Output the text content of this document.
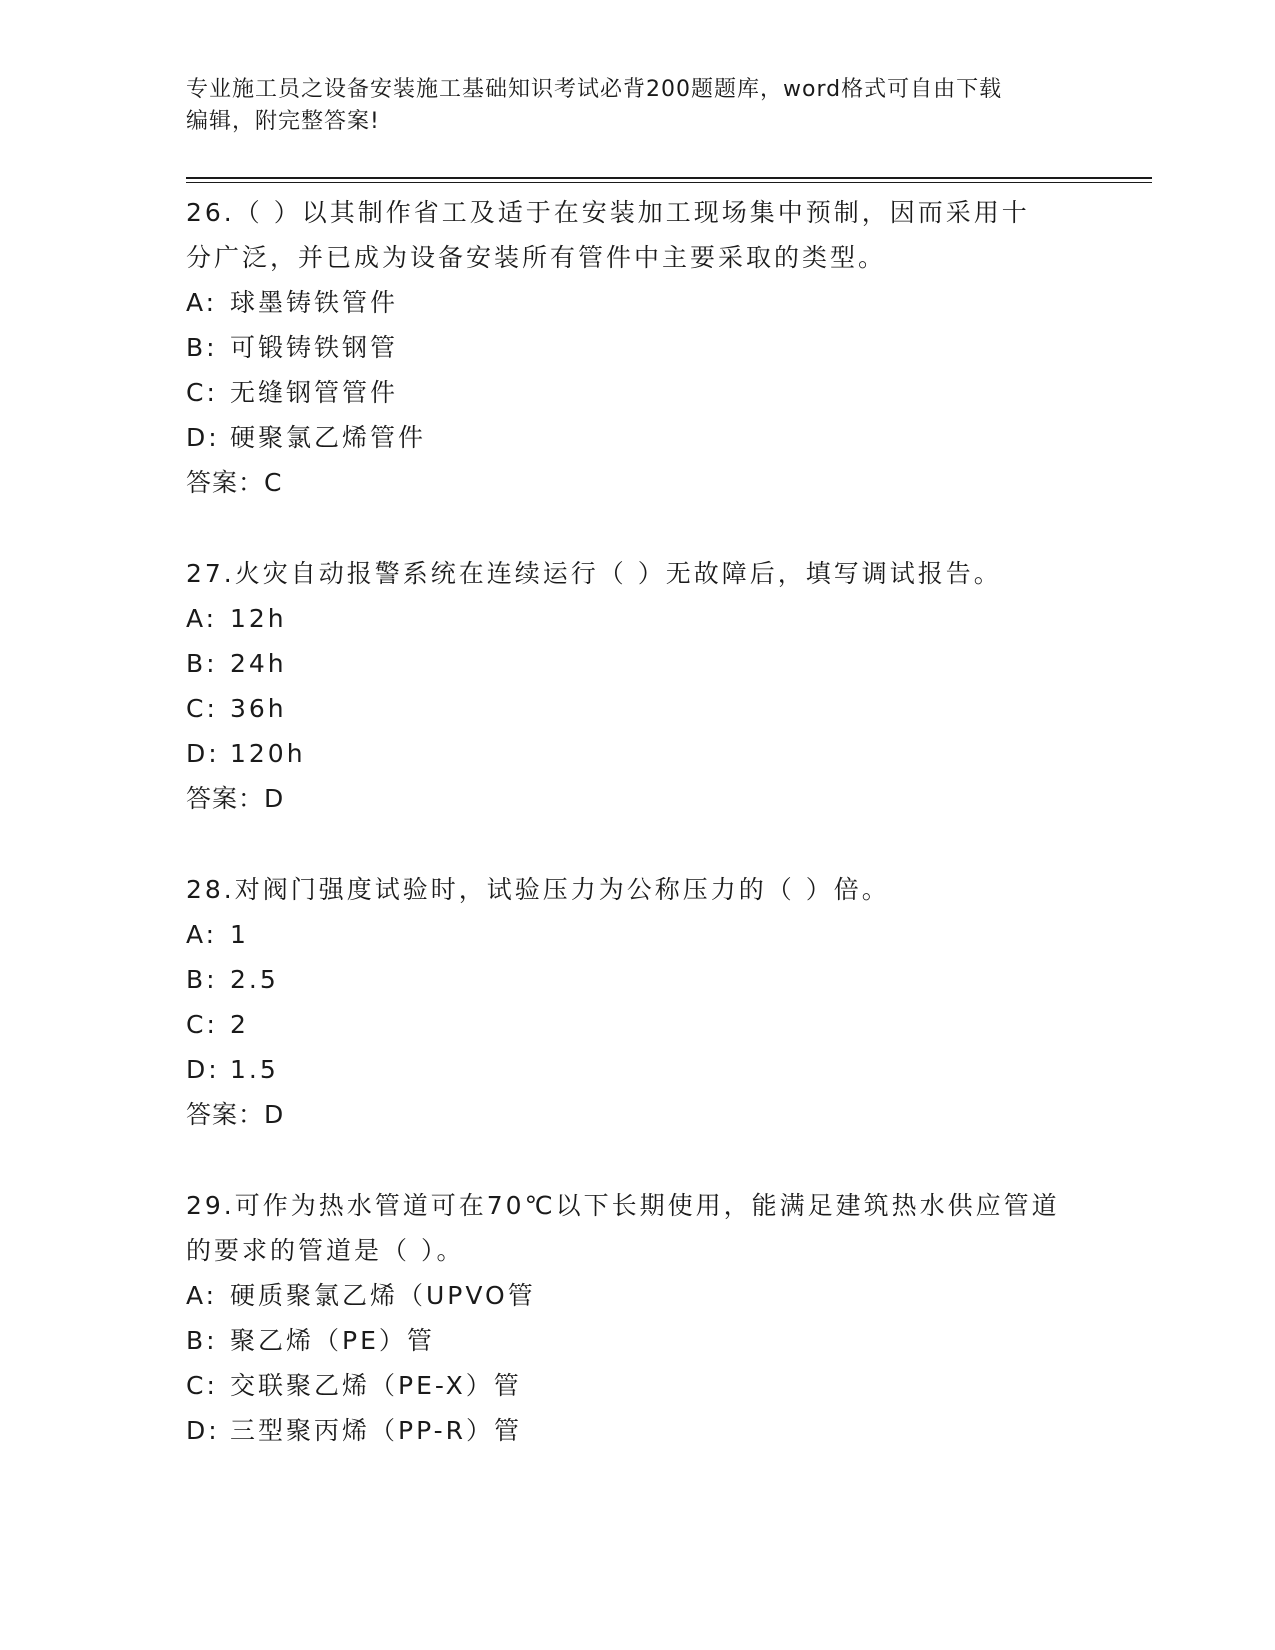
专业施工员之设备安装施工基础知识考试必背200题题库，word格式可自由下载
编辑，附完整答案!

26.（ ）以其制作省工及适于在安装加工现场集中预制，因而采用十

分广泛，并已成为设备安装所有管件中主要采取的类型。

A: 球墨铸铁管件

B: 可锻铸铁钢管

C: 无缝钢管管件

D: 硬聚氯乙烯管件

答案：C

27.火灾自动报警系统在连续运行（ ）无故障后，填写调试报告。

A: 12h

B: 24h

C: 36h

D: 120h

答案：D

28.对阀门强度试验时，试验压力为公称压力的（ ）倍。

A: 1

B: 2.5

C: 2

D: 1.5

答案：D

29.可作为热水管道可在70℃以下长期使用，能满足建筑热水供应管道

的要求的管道是（ ）。

A: 硬质聚氯乙烯（UPVO管

B: 聚乙烯（PE）管

C: 交联聚乙烯（PE-X）管

D: 三型聚丙烯（PP-R）管
